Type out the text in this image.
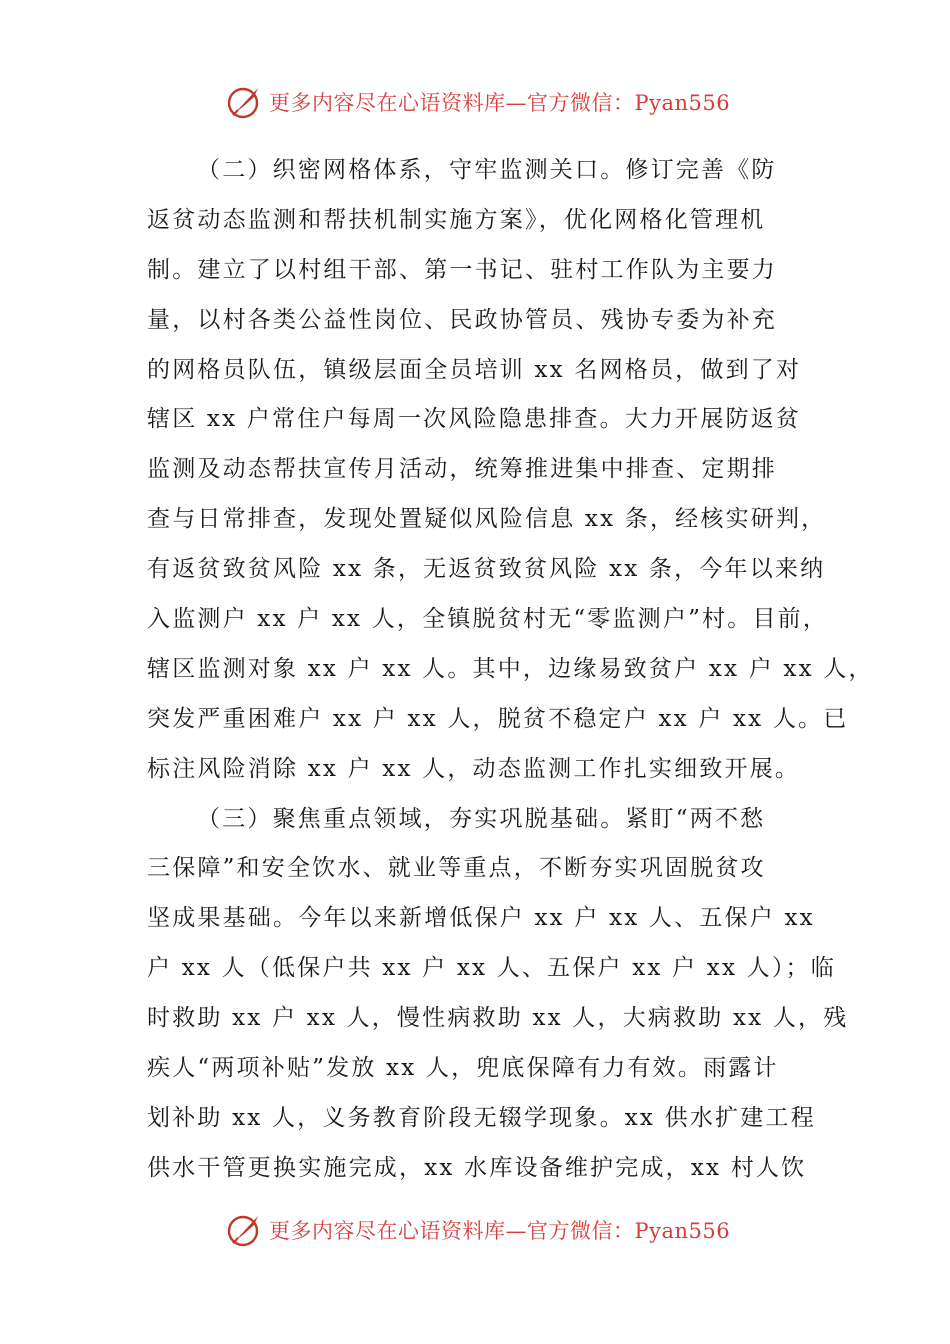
更多内容尽在心语资料库—官方微信：Pyan556
（二）织密网格体系，守牢监测关口。修订完善《防
返贫动态监测和帮扶机制实施方案》，优化网格化管理机
制。建立了以村组干部、第一书记、驻村工作队为主要力
量，以村各类公益性岗位、民政协管员、残协专委为补充
的网格员队伍，镇级层面全员培训 xx 名网格员，做到了对
辖区 xx 户常住户每周一次风险隐患排查。大力开展防返贫
监测及动态帮扶宣传月活动，统筹推进集中排查、定期排
查与日常排查，发现处置疑似风险信息 xx 条，经核实研判，
有返贫致贫风险 xx 条，无返贫致贫风险 xx 条，今年以来纳
入监测户 xx 户 xx 人，全镇脱贫村无“零监测户”村。目前，
辖区监测对象 xx 户 xx 人。其中，边缘易致贫户 xx 户 xx 人，
突发严重困难户 xx 户 xx 人，脱贫不稳定户 xx 户 xx 人。已
标注风险消除 xx 户 xx 人，动态监测工作扎实细致开展。
（三）聚焦重点领域，夯实巩脱基础。紧盯“两不愁
三保障”和安全饮水、就业等重点，不断夯实巩固脱贫攻
坚成果基础。今年以来新增低保户 xx 户 xx 人、五保户 xx
户 xx 人（低保户共 xx 户 xx 人、五保户 xx 户 xx 人）；临
时救助 xx 户 xx 人，慢性病救助 xx 人，大病救助 xx 人，残
疾人“两项补贴”发放 xx 人，兜底保障有力有效。雨露计
划补助 xx 人，义务教育阶段无辍学现象。xx 供水扩建工程
供水干管更换实施完成，xx 水库设备维护完成，xx 村人饮
更多内容尽在心语资料库—官方微信：Pyan556
